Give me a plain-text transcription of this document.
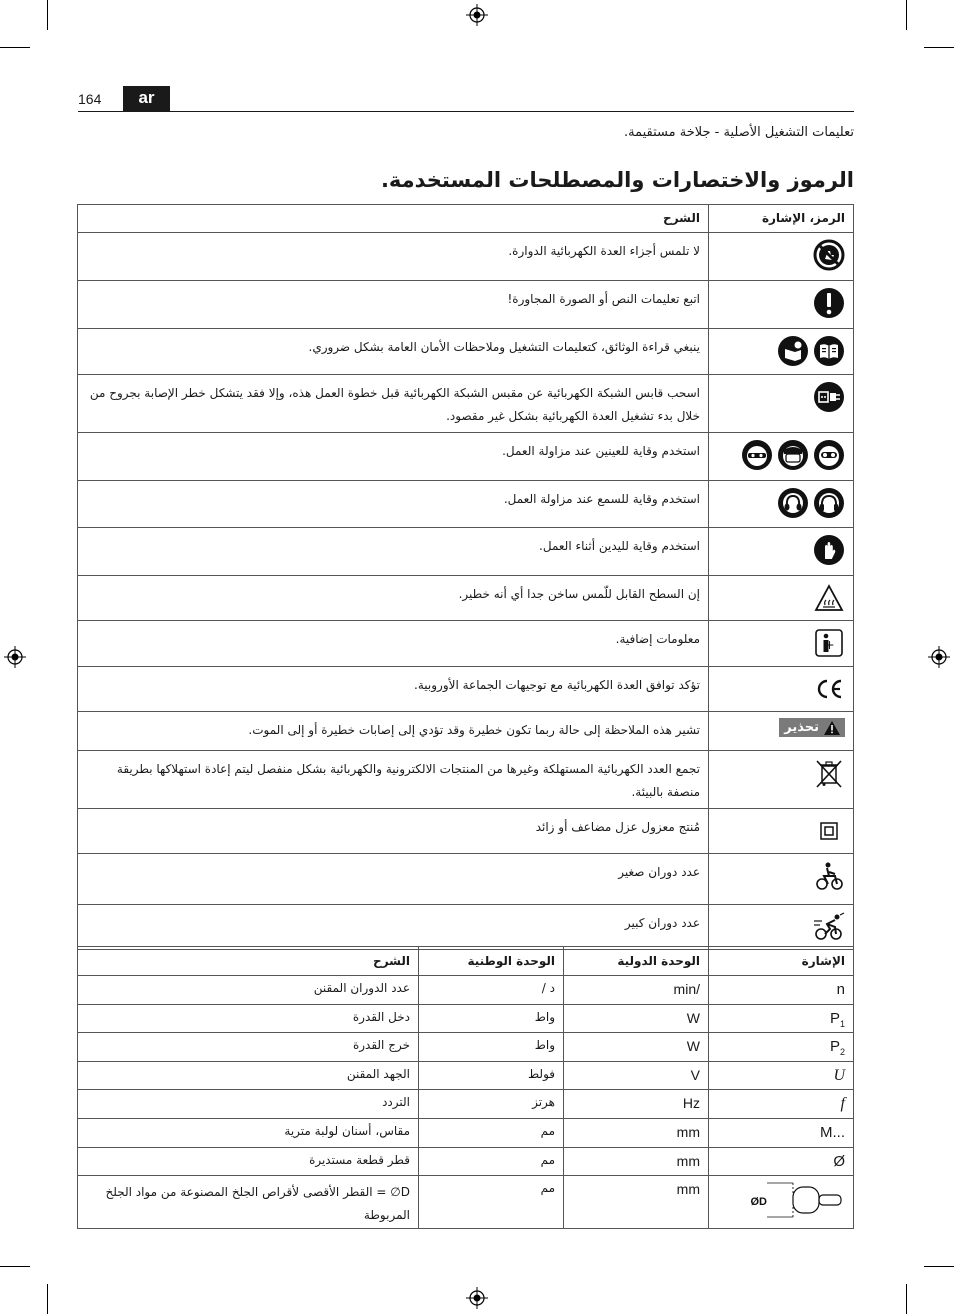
164	ar
تعليمات التشغيل الأصلية - جلاخة مستقيمة.
الرموز والاختصارات والمصطلحات المستخدمة.
الرمز، الإشارة	الشرح

	لا تلمس أجزاء العدة الكهربائية الدوارة.

	اتبع تعليمات النص أو الصورة المجاورة!

	ينبغي قراءة الوثائق، كتعليمات التشغيل وملاحظات الأمان العامة بشكل ضروري.

	اسحب قابس الشبكة الكهربائية عن مقبس الشبكة الكهربائية قبل خطوة العمل هذه، وإلا فقد يتشكل خطر الإصابة بجروح من خلال بدء تشغيل العدة الكهربائية بشكل غير مقصود.

	استخدم وقاية للعينين عند مزاولة العمل.

	استخدم وقاية للسمع عند مزاولة العمل.

	استخدم وقاية لليدين أثناء العمل.

	إن السطح القابل للّمس ساخن جدا أي أنه خطير.

+	معلومات إضافية.

	تؤكد توافق العدة الكهربائية مع توجيهات الجماعة الأوروبية.

تحذير	تشير هذه الملاحظة إلى حالة ربما تكون خطيرة وقد تؤدي إلى إصابات خطيرة أو إلى الموت.

	تجمع العدد الكهربائية المستهلكة وغيرها من المنتجات الالكترونية والكهربائية بشكل منفصل ليتم إعادة استهلاكها بطريقة منصفة بالبيئة.

	مُنتج معزول عزل مضاعف أو زائد

	عدد دوران صغير

	عدد دوران كبير
الإشارة	الوحدة الدولية	الوحدة الوطنية	الشرح
n	/min	د /	عدد الدوران المقنن
$P_1$	W	واط	دخل القدرة
$P_2$	W	واط	خرج القدرة
U	V	فولط	الجهد المقنن
f	Hz	هرتز	التردد
...M	mm	مم	مقاس، أسنان لولبة مترية
Ø	mm	مم	قطر قطعة مستديرة

ØD	mm	مم	D∅ = القطر الأقصى لأقراص الجلخ المصنوعة من مواد الجلخ المربوطة
